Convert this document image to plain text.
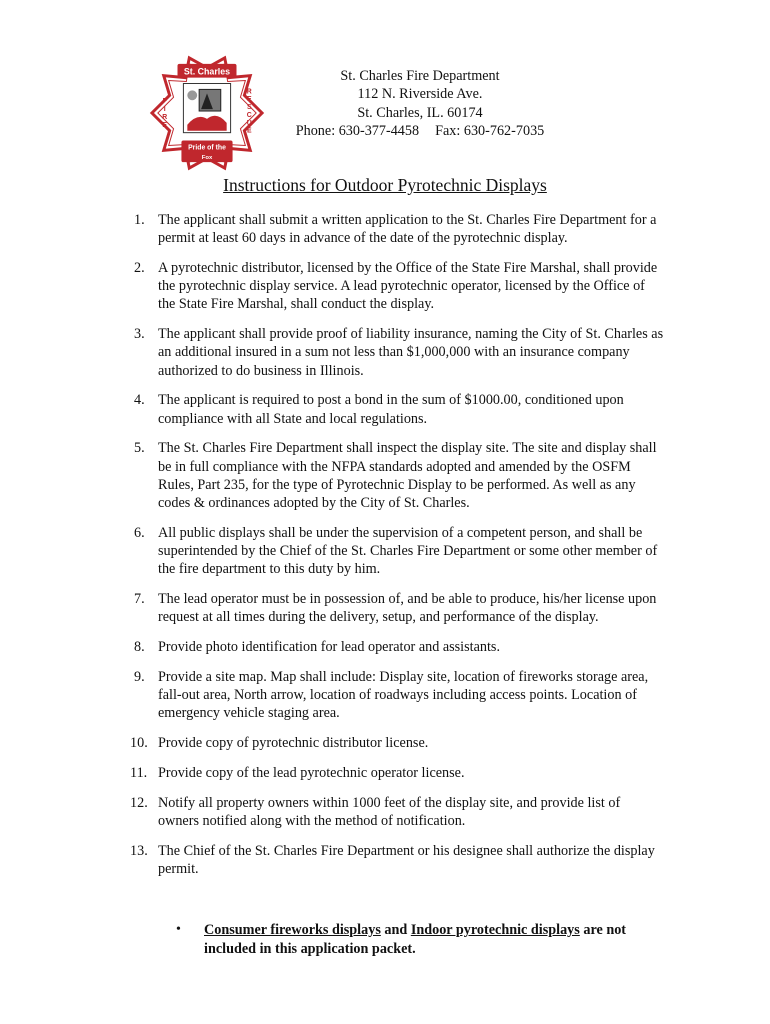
St. Charles
Pride of the
Fox
F
I
R
E
R
E
S
C
U
E
St. Charles Fire Department
112 N. Riverside Ave.
St. Charles, IL. 60174
Phone: 630-377-4458 Fax: 630-762-7035
Instructions for Outdoor Pyrotechnic Displays
1. The applicant shall submit a written application to the St. Charles Fire Department for a permit at least 60 days in advance of the date of the pyrotechnic display.
2. A pyrotechnic distributor, licensed by the Office of the State Fire Marshal, shall provide the pyrotechnic display service. A lead pyrotechnic operator, licensed by the Office of the State Fire Marshal, shall conduct the display.
3. The applicant shall provide proof of liability insurance, naming the City of St. Charles as an additional insured in a sum not less than $1,000,000 with an insurance company authorized to do business in Illinois.
4. The applicant is required to post a bond in the sum of $1000.00, conditioned upon compliance with all State and local regulations.
5. The St. Charles Fire Department shall inspect the display site. The site and display shall be in full compliance with the NFPA standards adopted and amended by the OSFM Rules, Part 235, for the type of Pyrotechnic Display to be performed. As well as any codes & ordinances adopted by the City of St. Charles.
6. All public displays shall be under the supervision of a competent person, and shall be superintended by the Chief of the St. Charles Fire Department or some other member of the fire department to this duty by him.
7. The lead operator must be in possession of, and be able to produce, his/her license upon request at all times during the delivery, setup, and performance of the display.
8. Provide photo identification for lead operator and assistants.
9. Provide a site map. Map shall include: Display site, location of fireworks storage area, fall-out area, North arrow, location of roadways including access points. Location of emergency vehicle staging area.
10. Provide copy of pyrotechnic distributor license.
11. Provide copy of the lead pyrotechnic operator license.
12. Notify all property owners within 1000 feet of the display site, and provide list of owners notified along with the method of notification.
13. The Chief of the St. Charles Fire Department or his designee shall authorize the display permit.
• Consumer fireworks displays and Indoor pyrotechnic displays are not included in this application packet.
